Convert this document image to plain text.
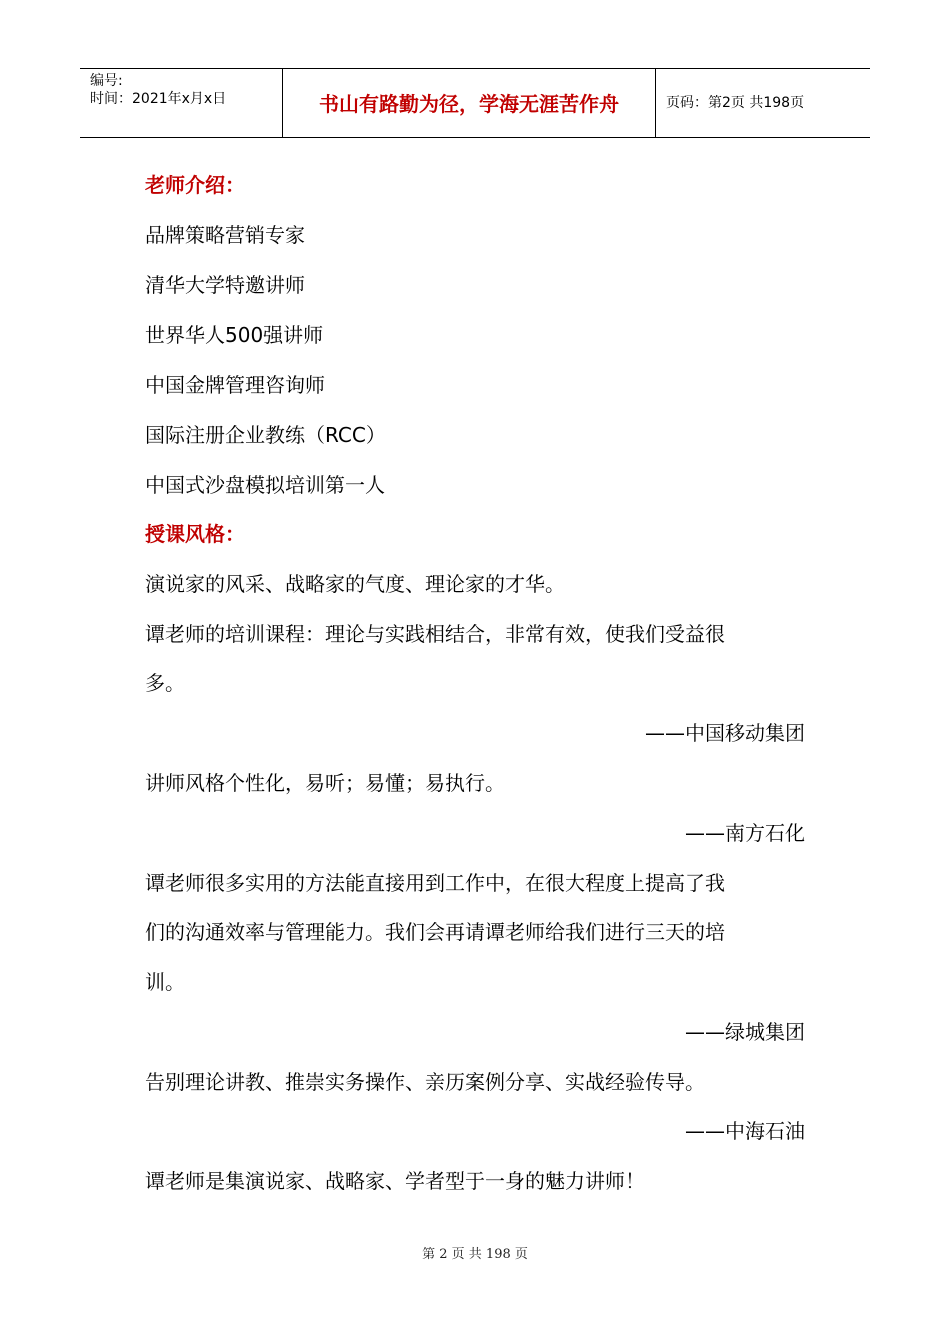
编号:
时间：2021年x月x日	书山有路勤为径，学海无涯苦作舟	页码：第2页 共198页
老师介绍：
品牌策略营销专家
清华大学特邀讲师
世界华人500强讲师
中国金牌管理咨询师
国际注册企业教练（RCC）
中国式沙盘模拟培训第一人
授课风格：
演说家的风采、战略家的气度、理论家的才华。
谭老师的培训课程：理论与实践相结合，非常有效，使我们受益很
多。
——中国移动集团
讲师风格个性化，易听；易懂；易执行。
——南方石化
谭老师很多实用的方法能直接用到工作中，在很大程度上提高了我
们的沟通效率与管理能力。我们会再请谭老师给我们进行三天的培
训。
——绿城集团
告别理论讲教、推崇实务操作、亲历案例分享、实战经验传导。
——中海石油
谭老师是集演说家、战略家、学者型于一身的魅力讲师！
第 2 页 共 198 页
